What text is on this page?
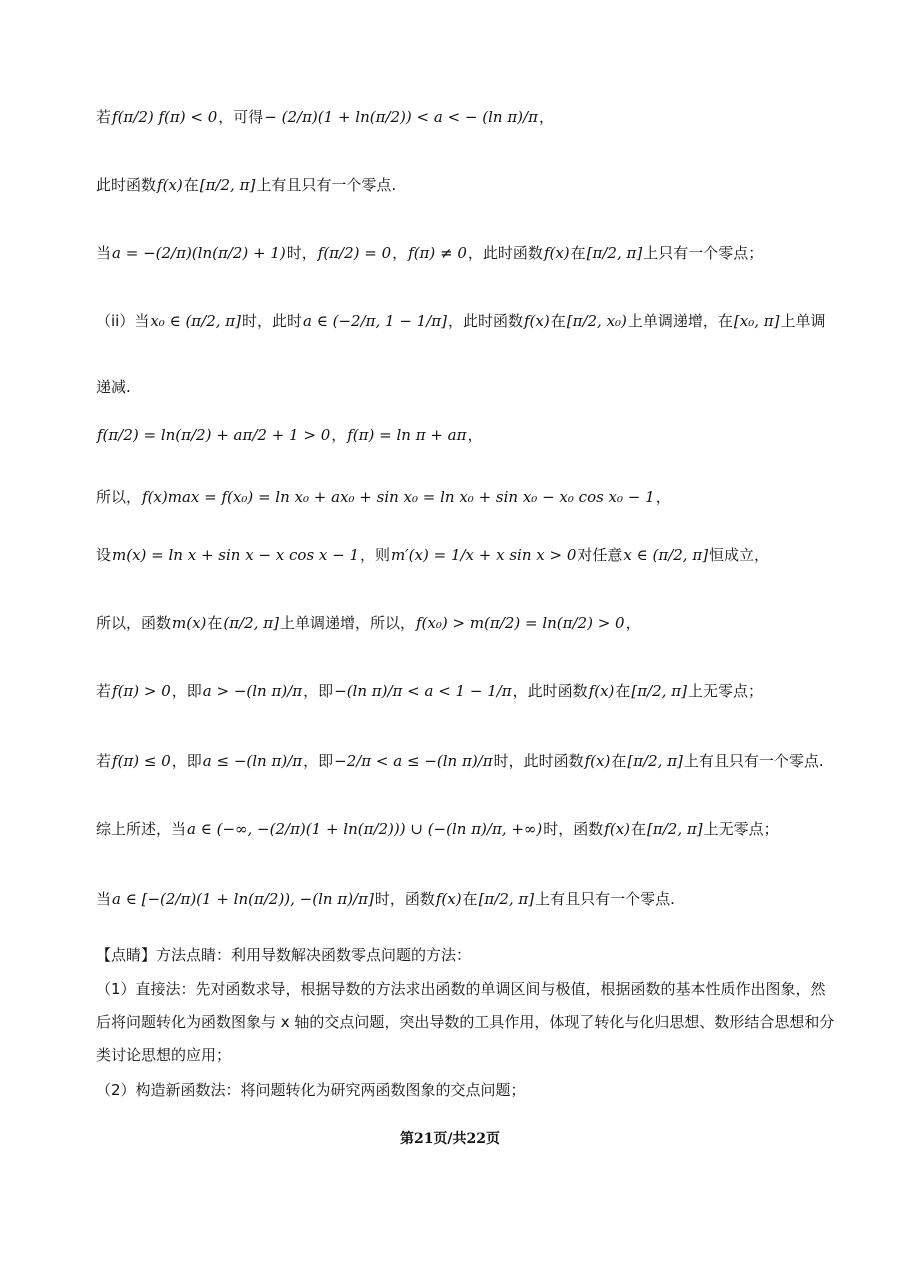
若 f(π/2) f(π) < 0 ，可得 − (2/π)(1 + ln(π/2)) < a < − (ln π)/π ，
此时函数 f(x) 在 [π/2, π] 上有且只有一个零点.
当 a = −(2/π)(ln(π/2) + 1) 时， f(π/2) = 0 ， f(π) ≠ 0 ，此时函数 f(x) 在 [π/2, π] 上只有一个零点；
（ii）当 x₀ ∈ (π/2, π] 时，此时 a ∈ (−2/π, 1 − 1/π] ，此时函数 f(x) 在 [π/2, x₀) 上单调递增，在 [x₀, π] 上单调
递减.
f(π/2) = ln(π/2) + aπ/2 + 1 > 0 ， f(π) = ln π + aπ ，
所以， f(x)max = f(x₀) = ln x₀ + ax₀ + sin x₀ = ln x₀ + sin x₀ − x₀ cos x₀ − 1 ，
设 m(x) = ln x + sin x − x cos x − 1 ，则 m′(x) = 1/x + x sin x > 0 对任意 x ∈ (π/2, π] 恒成立，
所以，函数 m(x) 在 (π/2, π] 上单调递增，所以， f(x₀) > m(π/2) = ln(π/2) > 0 ，
若 f(π) > 0 ，即 a > −(ln π)/π ，即 −(ln π)/π < a < 1 − 1/π ，此时函数 f(x) 在 [π/2, π] 上无零点；
若 f(π) ≤ 0 ，即 a ≤ −(ln π)/π ，即 −2/π < a ≤ −(ln π)/π 时，此时函数 f(x) 在 [π/2, π] 上有且只有一个零点.
综上所述，当 a ∈ (−∞, −(2/π)(1 + ln(π/2))) ∪ (−(ln π)/π, +∞) 时，函数 f(x) 在 [π/2, π] 上无零点；
当 a ∈ [−(2/π)(1 + ln(π/2)), −(ln π)/π] 时，函数 f(x) 在 [π/2, π] 上有且只有一个零点.
【点睛】方法点睛：利用导数解决函数零点问题的方法：
（1）直接法：先对函数求导，根据导数的方法求出函数的单调区间与极值，根据函数的基本性质作出图象，然后将问题转化为函数图象与 x 轴的交点问题，突出导数的工具作用，体现了转化与化归思想、数形结合思想和分类讨论思想的应用；
（2）构造新函数法：将问题转化为研究两函数图象的交点问题；
第21页/共22页
